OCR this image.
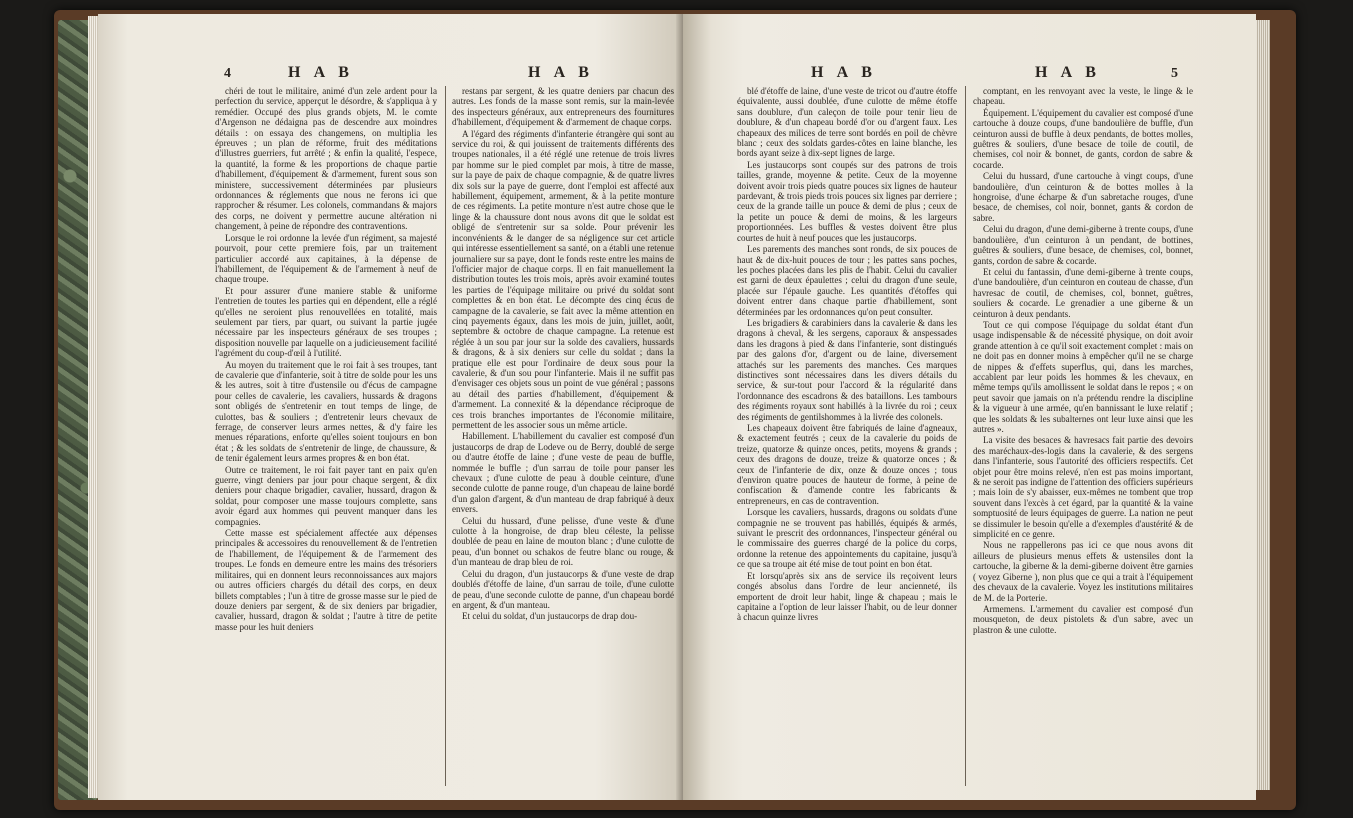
4	H A B	H A B

chéri de tout le militaire, animé d'un zele ardent pour la perfection du service, apperçut le désordre, & s'appliqua à y remédier. Occupé des plus grands objets, M. le comte d'Argenson ne dédaigna pas de descendre aux moindres détails : on essaya des changemens, on multiplia les épreuves ; un plan de réforme, fruit des méditations d'illustres guerriers, fut arrêté ; & enfin la qualité, l'espece, la quantité, la forme & les proportions de chaque partie d'habillement, d'équipement & d'armement, furent sous son ministere, successivement déterminées par plusieurs ordonnances & réglements que nous ne ferons ici que rapprocher & résumer. Les colonels, commandans & majors des corps, ne doivent y permettre aucune altération ni changement, à peine de répondre des contraventions.

Lorsque le roi ordonne la levée d'un régiment, sa majesté pourvoit, pour cette premiere fois, par un traitement particulier accordé aux capitaines, à la dépense de l'habillement, de l'équipement & de l'armement à neuf de chaque troupe.

Et pour assurer d'une maniere stable & uniforme l'entretien de toutes les parties qui en dépendent, elle a réglé qu'elles ne seroient plus renouvellées en totalité, mais seulement par tiers, par quart, ou suivant la partie jugée nécessaire par les inspecteurs généraux de ses troupes ; disposition nouvelle par laquelle on a judicieusement facilité l'agrément du coup-d'œil à l'utilité.

Au moyen du traitement que le roi fait à ses troupes, tant de cavalerie que d'infanterie, soit à titre de solde pour les uns & les autres, soit à titre d'ustensile ou d'écus de campagne pour celles de cavalerie, les cavaliers, hussards & dragons sont obligés de s'entretenir en tout temps de linge, de culottes, bas & souliers ; d'entretenir leurs chevaux de ferrage, de conserver leurs armes nettes, & d'y faire les menues réparations, enforte qu'elles soient toujours en bon état ; & les soldats de s'entretenir de linge, de chaussure, & de tenir également leurs armes propres & en bon état.

Outre ce traitement, le roi fait payer tant en paix qu'en guerre, vingt deniers par jour pour chaque sergent, & dix deniers pour chaque brigadier, cavalier, hussard, dragon & soldat, pour composer une masse toujours complette, sans avoir égard aux hommes qui peuvent manquer dans les compagnies.

Cette masse est spécialement affectée aux dépenses principales & accessoires du renouvellement & de l'entretien de l'habillement, de l'équipement & de l'armement des troupes. Le fonds en demeure entre les mains des trésoriers militaires, qui en donnent leurs reconnoissances aux majors ou autres officiers chargés du détail des corps, en deux billets comptables ; l'un à titre de grosse masse sur le pied de douze deniers par sergent, & de six deniers par brigadier, cavalier, hussard, dragon & soldat ; l'autre à titre de petite masse pour les huit deniers

restans par sergent, & les quatre deniers par chacun des autres. Les fonds de la masse sont remis, sur la main-levée des inspecteurs généraux, aux entrepreneurs des fournitures d'habillement, d'équipement & d'armement de chaque corps.

A l'égard des régiments d'infanterie étrangère qui sont au service du roi, & qui jouissent de traitements différents des troupes nationales, il a été réglé une retenue de trois livres par homme sur le pied complet par mois, à titre de masse, sur la paye de paix de chaque compagnie, & de quatre livres dix sols sur la paye de guerre, dont l'emploi est affecté aux habillement, équipement, armement, & à la petite monture de ces régiments. La petite monture n'est autre chose que le linge & la chaussure dont nous avons dit que le soldat est obligé de s'entretenir sur sa solde. Pour prévenir les inconvénients & le danger de sa négligence sur cet article qui intéresse essentiellement sa santé, on a établi une retenue journaliere sur sa paye, dont le fonds reste entre les mains de l'officier major de chaque corps. Il en fait manuellement la distribution toutes les trois mois, après avoir examiné toutes les parties de l'équipage militaire ou privé du soldat sont complettes & en bon état. Le décompte des cinq écus de campagne de la cavalerie, se fait avec la même attention en cinq payements égaux, dans les mois de juin, juillet, août, septembre & octobre de chaque campagne. La retenue est réglée à un sou par jour sur la solde des cavaliers, hussards & dragons, & à six deniers sur celle du soldat ; dans la pratique elle est pour l'ordinaire de deux sous pour la cavalerie, & d'un sou pour l'infanterie. Mais il ne suffit pas d'envisager ces objets sous un point de vue général ; passons au détail des parties d'habillement, d'équipement & d'armement. La connexité & la dépendance réciproque de ces trois branches importantes de l'économie militaire, permettent de les associer sous un même article.

Habillement. L'habillement du cavalier est composé d'un justaucorps de drap de Lodeve ou de Berry, doublé de serge ou d'autre étoffe de laine ; d'une veste de peau de buffle, nommée le buffle ; d'un sarrau de toile pour panser les chevaux ; d'une culotte de peau à double ceinture, d'une seconde culotte de panne rouge, d'un chapeau de laine bordé d'un galon d'argent, & d'un manteau de drap fabriqué à deux envers.

Celui du hussard, d'une pelisse, d'une veste & d'une culotte à la hongroise, de drap bleu céleste, la pelisse doublée de peau en laine de mouton blanc ; d'une culotte de peau, d'un bonnet ou schakos de feutre blanc ou rouge, & d'un manteau de drap bleu de roi.

Celui du dragon, d'un justaucorps & d'une veste de drap doublés d'étoffe de laine, d'un sarrau de toile, d'une culotte de peau, d'une seconde culotte de panne, d'un chapeau bordé en argent, & d'un manteau.

Et celui du soldat, d'un justaucorps de drap dou-

H A B	H A B	5

blé d'étoffe de laine, d'une veste de tricot ou d'autre étoffe équivalente, aussi doublée, d'une culotte de même étoffe sans doublure, d'un caleçon de toile pour tenir lieu de doublure, & d'un chapeau bordé d'or ou d'argent faux. Les chapeaux des milices de terre sont bordés en poil de chèvre blanc ; ceux des soldats gardes-côtes en laine blanche, les bords ayant seize à dix-sept lignes de large.

Les justaucorps sont coupés sur des patrons de trois tailles, grande, moyenne & petite. Ceux de la moyenne doivent avoir trois pieds quatre pouces six lignes de hauteur pardevant, & trois pieds trois pouces six lignes par derriere ; ceux de la grande taille un pouce & demi de plus ; ceux de la petite un pouce & demi de moins, & les largeurs proportionnées. Les buffles & vestes doivent être plus courtes de huit à neuf pouces que les justaucorps.

Les parements des manches sont ronds, de six pouces de haut & de dix-huit pouces de tour ; les pattes sans poches, les poches placées dans les plis de l'habit. Celui du cavalier est garni de deux épaulettes ; celui du dragon d'une seule, placée sur l'épaule gauche. Les quantités d'étoffes qui doivent entrer dans chaque partie d'habillement, sont déterminées par les ordonnances qu'on peut consulter.

Les brigadiers & carabiniers dans la cavalerie & dans les dragons à cheval, & les sergens, caporaux & anspessades dans les dragons à pied & dans l'infanterie, sont distingués par des galons d'or, d'argent ou de laine, diversement attachés sur les parements des manches. Ces marques distinctives sont nécessaires dans les divers détails du service, & sur-tout pour l'accord & la régularité dans l'ordonnance des escadrons & des bataillons. Les tambours des régiments royaux sont habillés à la livrée du roi ; ceux des régiments de gentilshommes à la livrée des colonels.

Les chapeaux doivent être fabriqués de laine d'agneaux, & exactement feutrés ; ceux de la cavalerie du poids de treize, quatorze & quinze onces, petits, moyens & grands ; ceux des dragons de douze, treize & quatorze onces ; & ceux de l'infanterie de dix, onze & douze onces ; tous d'environ quatre pouces de hauteur de forme, à peine de confiscation & d'amende contre les fabricants & entrepreneurs, en cas de contravention.

Lorsque les cavaliers, hussards, dragons ou soldats d'une compagnie ne se trouvent pas habillés, équipés & armés, suivant le prescrit des ordonnances, l'inspecteur général ou le commissaire des guerres chargé de la police du corps, ordonne la retenue des appointements du capitaine, jusqu'à ce que sa troupe ait été mise de tout point en bon état.

Et lorsqu'après six ans de service ils reçoivent leurs congés absolus dans l'ordre de leur ancienneté, ils emportent de droit leur habit, linge & chapeau ; mais le capitaine a l'option de leur laisser l'habit, ou de leur donner à chacun quinze livres

comptant, en les renvoyant avec la veste, le linge & le chapeau.

Équipement. L'équipement du cavalier est composé d'une cartouche à douze coups, d'une bandoulière de buffle, d'un ceinturon aussi de buffle à deux pendants, de bottes molles, guêtres & souliers, d'une besace de toile de coutil, de chemises, col noir & bonnet, de gants, cordon de sabre & cocarde.

Celui du hussard, d'une cartouche à vingt coups, d'une bandoulière, d'un ceinturon & de bottes molles à la hongroise, d'une écharpe & d'un sabretache rouges, d'une besace, de chemises, col noir, bonnet, gants & cordon de sabre.

Celui du dragon, d'une demi-giberne à trente coups, d'une bandoulière, d'un ceinturon à un pendant, de bottines, guêtres & souliers, d'une besace, de chemises, col, bonnet, gants, cordon de sabre & cocarde.

Et celui du fantassin, d'une demi-giberne à trente coups, d'une bandoulière, d'un ceinturon en couteau de chasse, d'un havresac de coutil, de chemises, col, bonnet, guêtres, souliers & cocarde. Le grenadier a une giberne & un ceinturon à deux pendants.

Tout ce qui compose l'équipage du soldat étant d'un usage indispensable & de nécessité physique, on doit avoir grande attention à ce qu'il soit exactement complet : mais on ne doit pas en donner moins à empêcher qu'il ne se charge de nippes & d'effets superflus, qui, dans les marches, accablent par leur poids les hommes & les chevaux, en même temps qu'ils amollissent le soldat dans le repos ; « on peut savoir que jamais on n'a prétendu rendre la discipline & la vigueur à une armée, qu'en bannissant le luxe relatif ; que les soldats & les subalternes ont leur luxe ainsi que les autres ».

La visite des besaces & havresacs fait partie des devoirs des maréchaux-des-logis dans la cavalerie, & des sergens dans l'infanterie, sous l'autorité des officiers respectifs. Cet objet pour être moins relevé, n'en est pas moins important, & ne seroit pas indigne de l'attention des officiers supérieurs ; mais loin de s'y abaisser, eux-mêmes ne tombent que trop souvent dans l'excès à cet égard, par la quantité & la vaine somptuosité de leurs équipages de guerre. La nation ne peut se dissimuler le besoin qu'elle a d'exemples d'austérité & de simplicité en ce genre.

Nous ne rappellerons pas ici ce que nous avons dit ailleurs de plusieurs menus effets & ustensiles dont la cartouche, la giberne & la demi-giberne doivent être garnies ( voyez Giberne ), non plus que ce qui a trait à l'équipement des chevaux de la cavalerie. Voyez les institutions militaires de M. de la Porterie.

Armemens. L'armement du cavalier est composé d'un mousqueton, de deux pistolets & d'un sabre, avec un plastron & une culotte.
